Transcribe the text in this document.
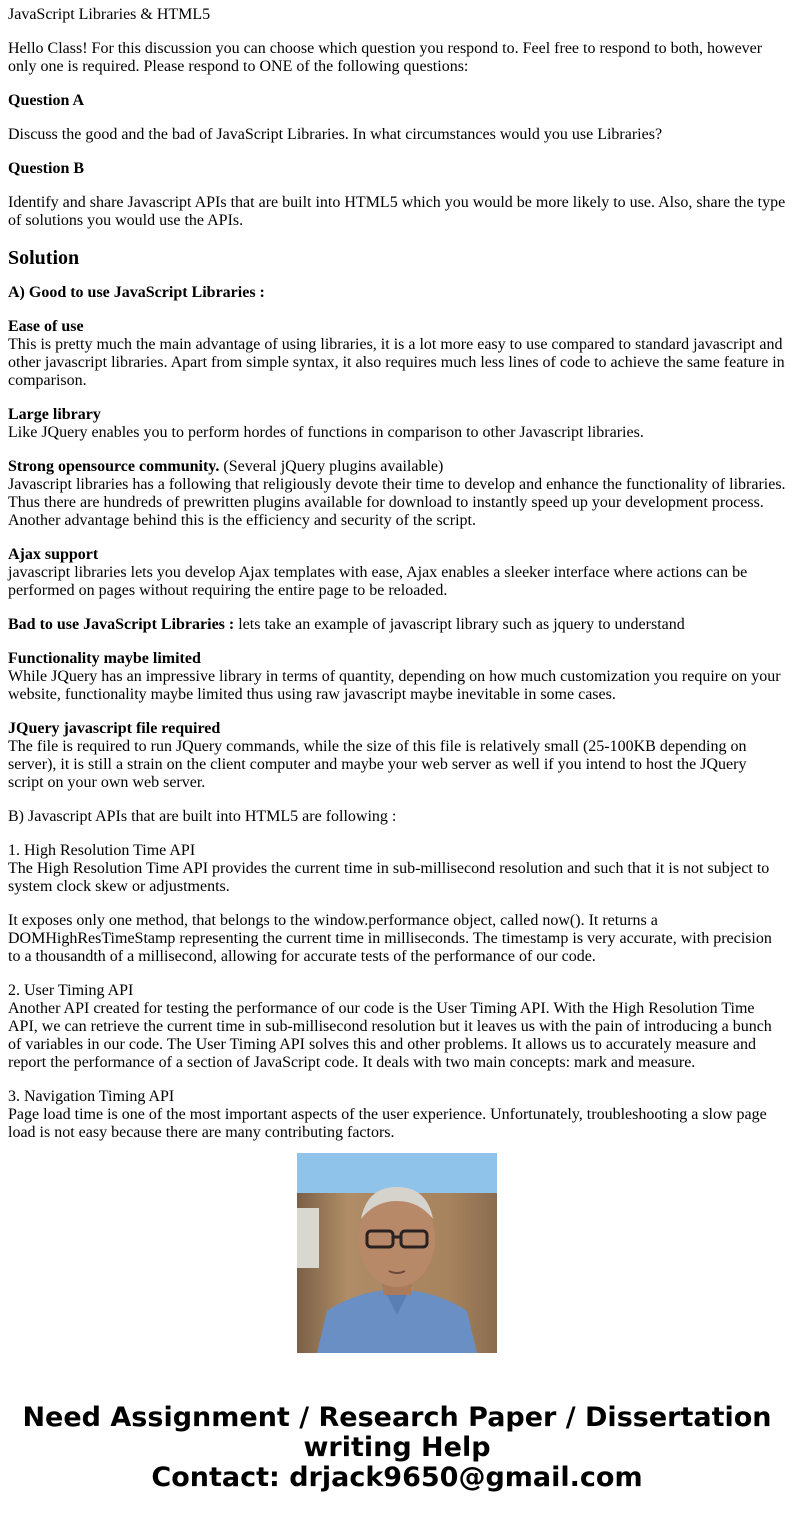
JavaScript Libraries & HTML5

Hello Class! For this discussion you can choose which question you respond to. Feel free to respond to both, however only one is required. Please respond to ONE of the following questions:

Question A

Discuss the good and the bad of JavaScript Libraries. In what circumstances would you use Libraries?

Question B

Identify and share Javascript APIs that are built into HTML5 which you would be more likely to use. Also, share the type of solutions you would use the APIs.

Solution

A) Good to use JavaScript Libraries :

Ease of use
This is pretty much the main advantage of using libraries, it is a lot more easy to use compared to standard javascript and other javascript libraries. Apart from simple syntax, it also requires much less lines of code to achieve the same feature in comparison.

Large library
Like JQuery enables you to perform hordes of functions in comparison to other Javascript libraries.

Strong opensource community. (Several jQuery plugins available)
Javascript libraries has a following that religiously devote their time to develop and enhance the functionality of libraries. Thus there are hundreds of prewritten plugins available for download to instantly speed up your development process. Another advantage behind this is the efficiency and security of the script.

Ajax support
javascript libraries lets you develop Ajax templates with ease, Ajax enables a sleeker interface where actions can be performed on pages without requiring the entire page to be reloaded.

Bad to use JavaScript Libraries : lets take an example of javascript library such as jquery to understand

Functionality maybe limited
While JQuery has an impressive library in terms of quantity, depending on how much customization you require on your website, functionality maybe limited thus using raw javascript maybe inevitable in some cases.

JQuery javascript file required
The file is required to run JQuery commands, while the size of this file is relatively small (25-100KB depending on server), it is still a strain on the client computer and maybe your web server as well if you intend to host the JQuery script on your own web server.

B) Javascript APIs that are built into HTML5 are following :

1. High Resolution Time API
The High Resolution Time API provides the current time in sub-millisecond resolution and such that it is not subject to system clock skew or adjustments.

It exposes only one method, that belongs to the window.performance object, called now(). It returns a DOMHighResTimeStamp representing the current time in milliseconds. The timestamp is very accurate, with precision to a thousandth of a millisecond, allowing for accurate tests of the performance of our code.

2. User Timing API
Another API created for testing the performance of our code is the User Timing API. With the High Resolution Time API, we can retrieve the current time in sub-millisecond resolution but it leaves us with the pain of introducing a bunch of variables in our code. The User Timing API solves this and other problems. It allows us to accurately measure and report the performance of a section of JavaScript code. It deals with two main concepts: mark and measure.

3. Navigation Timing API
Page load time is one of the most important aspects of the user experience. Unfortunately, troubleshooting a slow page load is not easy because there are many contributing factors.

Need Assignment / Research Paper / Dissertation writing Help
Contact: drjack9650@gmail.com
